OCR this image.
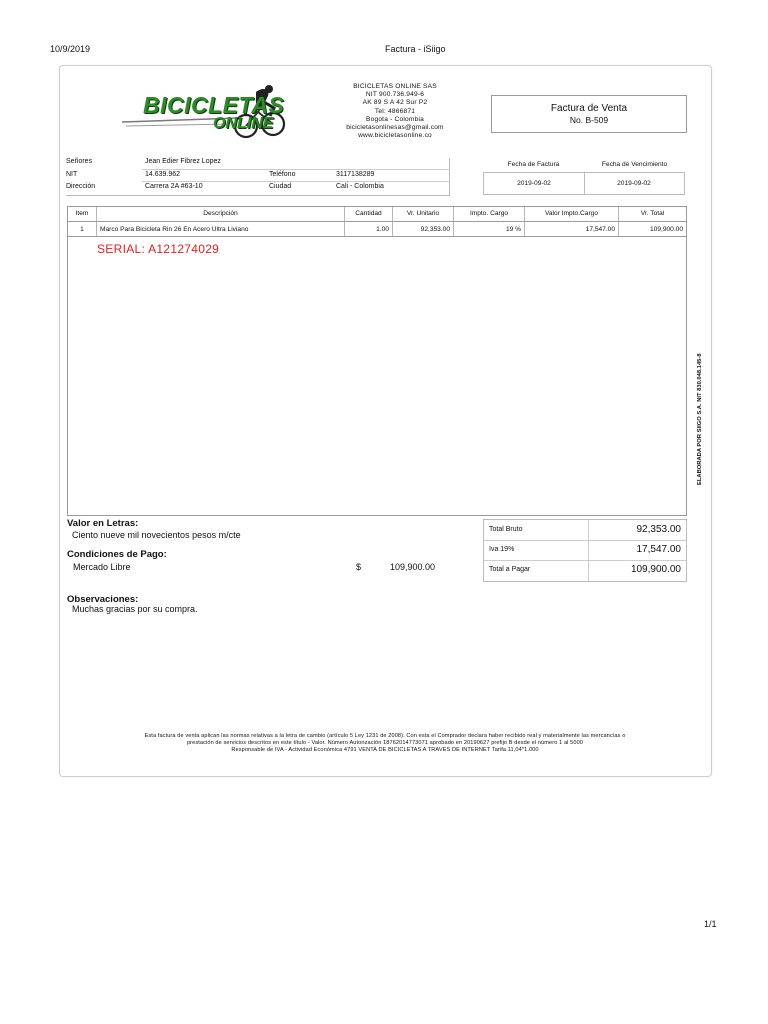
10/9/2019	Factura - iSiigo
BICICLETAS
ONLINE
BICICLETAS ONLINE SAS
NIT 900.736.949-6
AK 89 S A 42 Sur P2
Tel: 4866871
Bogota - Colombia
bicicletasonlinesas@gmail.com
www.bicicletasonline.co
Factura de Venta
No. B-509
Señores	Jean Edier Fibrez Lopez
NIT	14.639.962	Teléfono	3117138289
Dirección	Carrera 2A #63-10	Ciudad	Cali - Colombia
Fecha de Factura	Fecha de Vencimiento
2019-09-02	2019-09-02
Item	Descripción	Cantidad	Vr. Unitario	Impto. Cargo	Valor Impto.Cargo	Vr. Total
1	Marco Para Bicicleta Rin 26 En Acero Ultra Liviano	1.00	92,353.00	19 %	17,547.00	109,900.00
SERIAL: A121274029
ELABORADA POR SIIGO S.A. NIT 830.048.145-8
Valor en Letras:
Ciento nueve mil novecientos pesos m/cte
Condiciones de Pago:
Mercado Libre	$	109,900.00
Observaciones:
Muchas gracias por su compra.
Total Bruto	92,353.00
Iva 19%	17,547.00
Total a Pagar	109,900.00
Esta factura de venta aplican las normas relativas a la letra de cambio (artículo 5 Ley 1231 de 2008). Con esta el Comprador declara haber recibido real y materialmente las mercancías o
prestación de servicios descritos en este título - Valor. Número Autorización 18762014773071 aprobado en 20190627 prefijo B desde el número 1 al 5000
Responsable de IVA - Actividad Económica 4791 VENTA DE BICICLETAS A TRAVES DE INTERNET Tarifa 11,04*1.000
1/1
